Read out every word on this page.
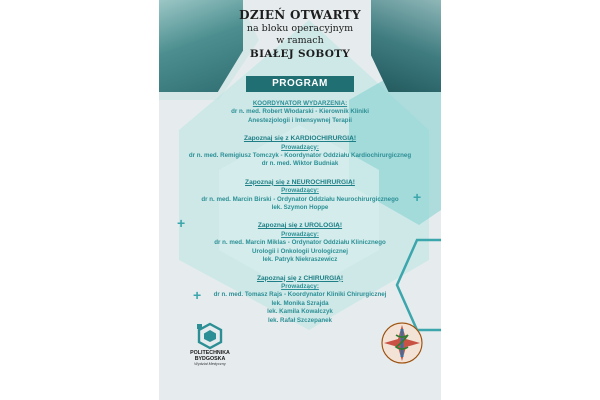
DZIEŃ OTWARTY
na bloku operacyjnym
w ramach
BIAŁEJ SOBOTY
PROGRAM
KOORDYNATOR WYDARZENIA:
dr n. med. Robert Włodarski - Kierownik Kliniki
Anestezjologii i Intensywnej Terapii
Zapoznaj się z KARDIOCHIRURGIĄ!
Prowadzący:
dr n. med. Remigiusz Tomczyk - Koordynator Oddziału Kardiochirurgiczneg
dr n. med. Wiktor Budniak
Zapoznaj się z NEUROCHIRURGIĄ!
Prowadzący:
dr n. med. Marcin Birski - Ordynator Oddziału Neurochirurgicznego
lek. Szymon Hoppe
Zapoznaj się z UROLOGIĄ!
Prowadzący:
dr n. med. Marcin Miklas - Ordynator Oddziału Klinicznego
Urologii i Onkologii Urologicznej
lek. Patryk Niekraszewicz
Zapoznaj się z CHIRURGIĄ!
Prowadzący:
dr n. med. Tomasz Rajs - Koordynator Kliniki Chirurgicznej
lek. Monika Szrajda
lek. Kamila Kowalczyk
lek. Rafał Szczepanek
+
+
+
POLITECHNIKA
BYDGOSKA
Wydział Medyczny
